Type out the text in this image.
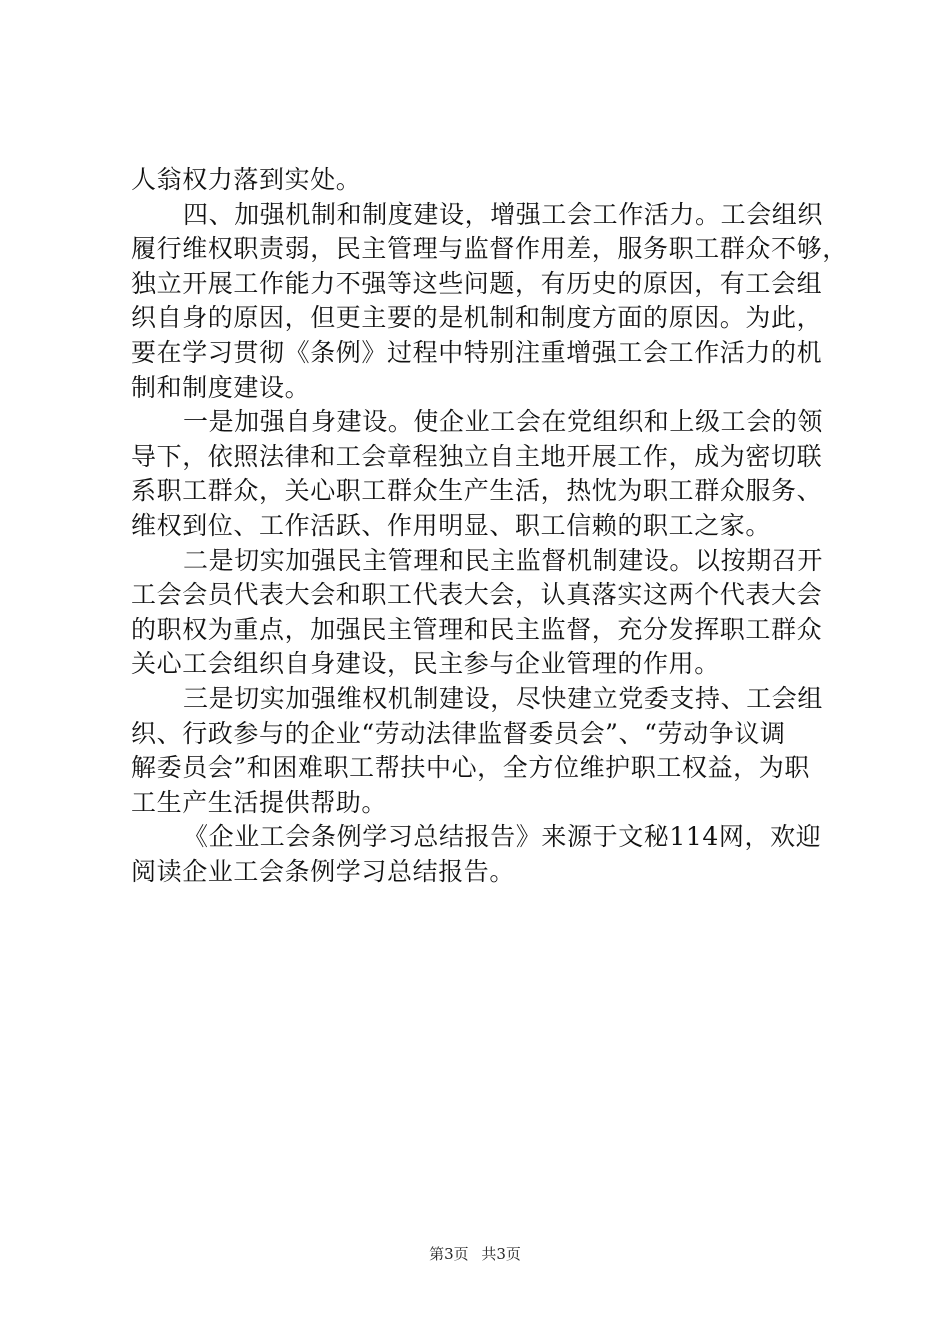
人翁权力落到实处。
四、加强机制和制度建设，增强工会工作活力。工会组织
履行维权职责弱，民主管理与监督作用差，服务职工群众不够，
独立开展工作能力不强等这些问题，有历史的原因，有工会组
织自身的原因，但更主要的是机制和制度方面的原因。为此，
要在学习贯彻《条例》过程中特别注重增强工会工作活力的机
制和制度建设。
一是加强自身建设。使企业工会在党组织和上级工会的领
导下，依照法律和工会章程独立自主地开展工作，成为密切联
系职工群众，关心职工群众生产生活，热忱为职工群众服务、
维权到位、工作活跃、作用明显、职工信赖的职工之家。
二是切实加强民主管理和民主监督机制建设。以按期召开
工会会员代表大会和职工代表大会，认真落实这两个代表大会
的职权为重点，加强民主管理和民主监督，充分发挥职工群众
关心工会组织自身建设，民主参与企业管理的作用。
三是切实加强维权机制建设，尽快建立党委支持、工会组
织、行政参与的企业“劳动法律监督委员会”、“劳动争议调
解委员会”和困难职工帮扶中心，全方位维护职工权益，为职
工生产生活提供帮助。
《企业工会条例学习总结报告》来源于文秘114网，欢迎
阅读企业工会条例学习总结报告。
第3页 共3页
